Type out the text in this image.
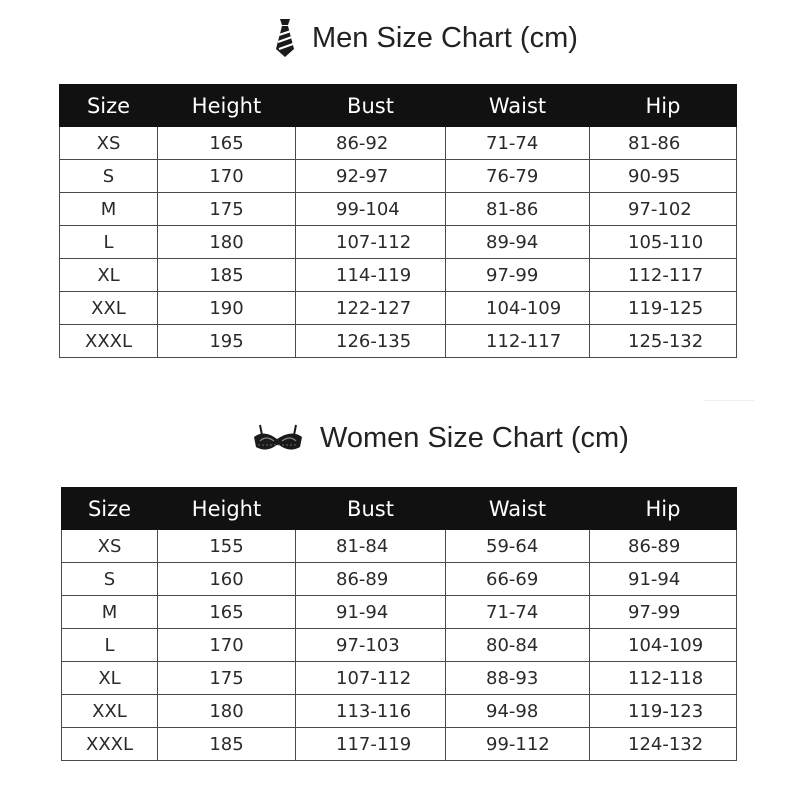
Men Size Chart (cm)
Size	Height	Bust	Waist	Hip
XS	165	86-92	71-74	81-86
S	170	92-97	76-79	90-95
M	175	99-104	81-86	97-102
L	180	107-112	89-94	105-110
XL	185	114-119	97-99	112-117
XXL	190	122-127	104-109	119-125
XXXL	195	126-135	112-117	125-132
Women Size Chart (cm)
Size	Height	Bust	Waist	Hip
XS	155	81-84	59-64	86-89
S	160	86-89	66-69	91-94
M	165	91-94	71-74	97-99
L	170	97-103	80-84	104-109
XL	175	107-112	88-93	112-118
XXL	180	113-116	94-98	119-123
XXXL	185	117-119	99-112	124-132
